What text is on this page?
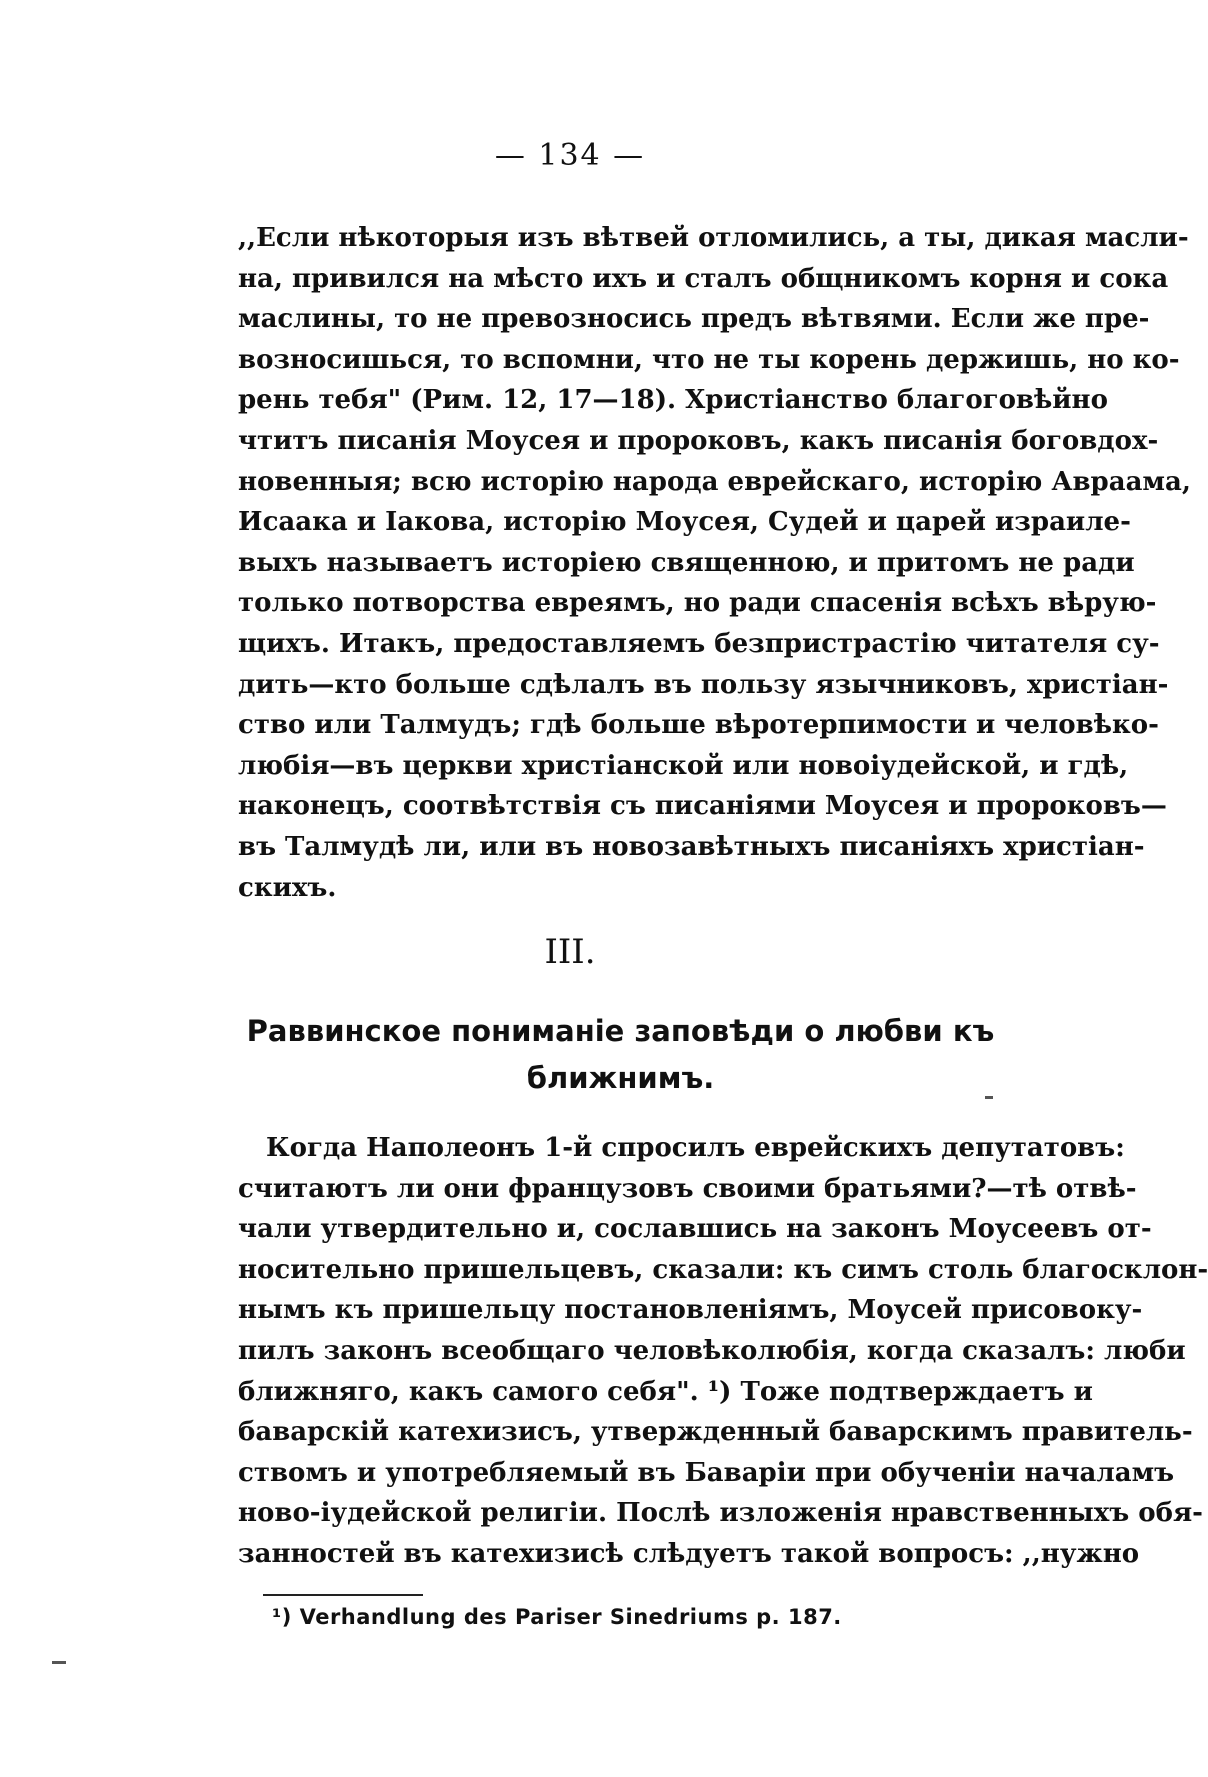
— 134 —
,,Если нѣкоторыя изъ вѣтвей отломились, а ты, дикая масли-
на, привился на мѣсто ихъ и сталъ общникомъ корня и сока
маслины, то не превозносись предъ вѣтвями. Если же пре-
возносишься, то вспомни, что не ты корень держишь, но ко-
рень тебя" (Рим. 12, 17—18). Христіанство благоговѣйно
чтитъ писанія Моусея и пророковъ, какъ писанія боговдох-
новенныя; всю исторію народа еврейскаго, исторію Авраама,
Исаака и Іакова, исторію Моусея, Судей и царей израиле-
выхъ называетъ исторіею священною, и притомъ не ради
только потворства евреямъ, но ради спасенія всѣхъ вѣрую-
щихъ. Итакъ, предоставляемъ безпристрастію читателя су-
дить—кто больше сдѣлалъ въ пользу язычниковъ, христіан-
ство или Талмудъ; гдѣ больше вѣротерпимости и человѣко-
любія—въ церкви христіанской или новоіудейской, и гдѣ,
наконецъ, соотвѣтствія съ писаніями Моусея и пророковъ—
въ Талмудѣ ли, или въ новозавѣтныхъ писаніяхъ христіан-
скихъ.
III.
Раввинское пониманіе заповѣди о любви къ
ближнимъ.
Когда Наполеонъ 1-й спросилъ еврейскихъ депутатовъ:
считаютъ ли они французовъ своими братьями?—тѣ отвѣ-
чали утвердительно и, сославшись на законъ Моусеевъ от-
носительно пришельцевъ, сказали: къ симъ столь благосклон-
нымъ къ пришельцу постановленіямъ, Моусей присовоку-
пилъ законъ всеобщаго человѣколюбія, когда сказалъ: люби
ближняго, какъ самого себя". ¹) Тоже подтверждаетъ и
баварскій катехизисъ, утвержденный баварскимъ правитель-
ствомъ и употребляемый въ Баваріи при обученіи началамъ
ново-іудейской религіи. Послѣ изложенія нравственныхъ обя-
занностей въ катехизисѣ слѣдуетъ такой вопросъ: ,,нужно
¹) Verhandlung des Pariser Sinedriums p. 187.
